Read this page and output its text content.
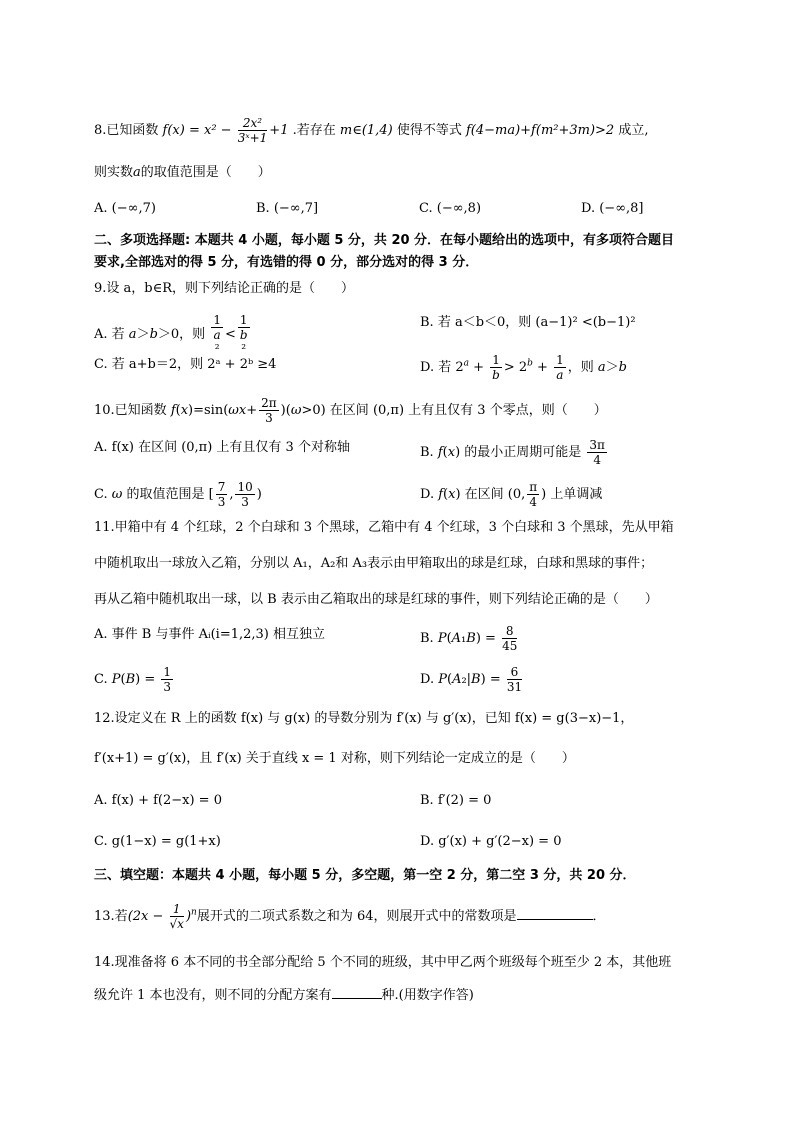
8.已知函数 $f(x) = x^2 - \frac{\text{2x²}}{\text{3ˣ+1}} +1$ .若存在 m∈(1,4) 使得不等式 f(4−ma)+f(m²+3m)>2 成立,
则实数a的取值范围是（　　）
A. (−∞,7)	B. (−∞,7]	C. (−∞,8)	D. (−∞,8]
二、多项选择题: 本题共 4 小题，每小题 5 分，共 20 分．在每小题给出的选项中，有多项符合题目
要求,全部选对的得 5 分，有选错的得 0 分，部分选对的得 3 分．
9.设 a，b∈R，则下列结论正确的是（　　）
A. 若 a＞b＞0，则 1
a
² < 1
b
²	B. 若 a＜b＜0，则 (a−1)² <(b−1)²
C. 若 a+b＝2，则 2ᵃ + 2ᵇ ≥4	D. 若 $2^a + \frac{1}{b} > 2^b + \frac{1}{a}$ ，则 a＞b
10.已知函数 $f(x)=\sin(\omega x+ \frac{2\pi}{3} )(\omega>0)$ 在区间 (0,π) 上有且仅有 3 个零点，则（　　）
A. f(x) 在区间 (0,π) 上有且仅有 3 个对称轴	B. f(x) 的最小正周期可能是 $\frac{3\pi}{4}$
C. ω 的取值范围是 [ $\frac{7}{3}$ , $\frac{10}{3}$ )	D. f(x) 在区间 (0, $\frac{\pi}{4}$ ) 上单调减
11.甲箱中有 4 个红球，2 个白球和 3 个黑球，乙箱中有 4 个红球，3 个白球和 3 个黑球，先从甲箱
中随机取出一球放入乙箱，分别以 A₁，A₂和 A₃表示由甲箱取出的球是红球，白球和黑球的事件；
再从乙箱中随机取出一球，以 B 表示由乙箱取出的球是红球的事件，则下列结论正确的是（　　）
A. 事件 B 与事件 Aᵢ(i=1,2,3) 相互独立	B. $P(A_1B) = \frac{8}{45}$
C. $P(B) = \frac{1}{3}$	D. $P(A_2|B) = \frac{6}{31}$
12.设定义在 R 上的函数 f(x) 与 g(x) 的导数分别为 f′(x) 与 g′(x)，已知 f(x) = g(3−x)−1，
f′(x+1) = g′(x)，且 f′(x) 关于直线 x = 1 对称，则下列结论一定成立的是（　　）
A. f(x) + f(2−x) = 0	B. f′(2) = 0
C. g(1−x) = g(1+x)	D. g′(x) + g′(2−x) = 0
三、填空题：本题共 4 小题，每小题 5 分，多空题，第一空 2 分，第二空 3 分，共 20 分．
13.若$(2x - \frac{1}{√x} )^n$展开式的二项式系数之和为 64，则展开式中的常数项是	．
14.现准备将 6 本不同的书全部分配给 5 个不同的班级，其中甲乙两个班级每个班至少 2 本，其他班
级允许 1 本也没有，则不同的分配方案有	种.(用数字作答)
